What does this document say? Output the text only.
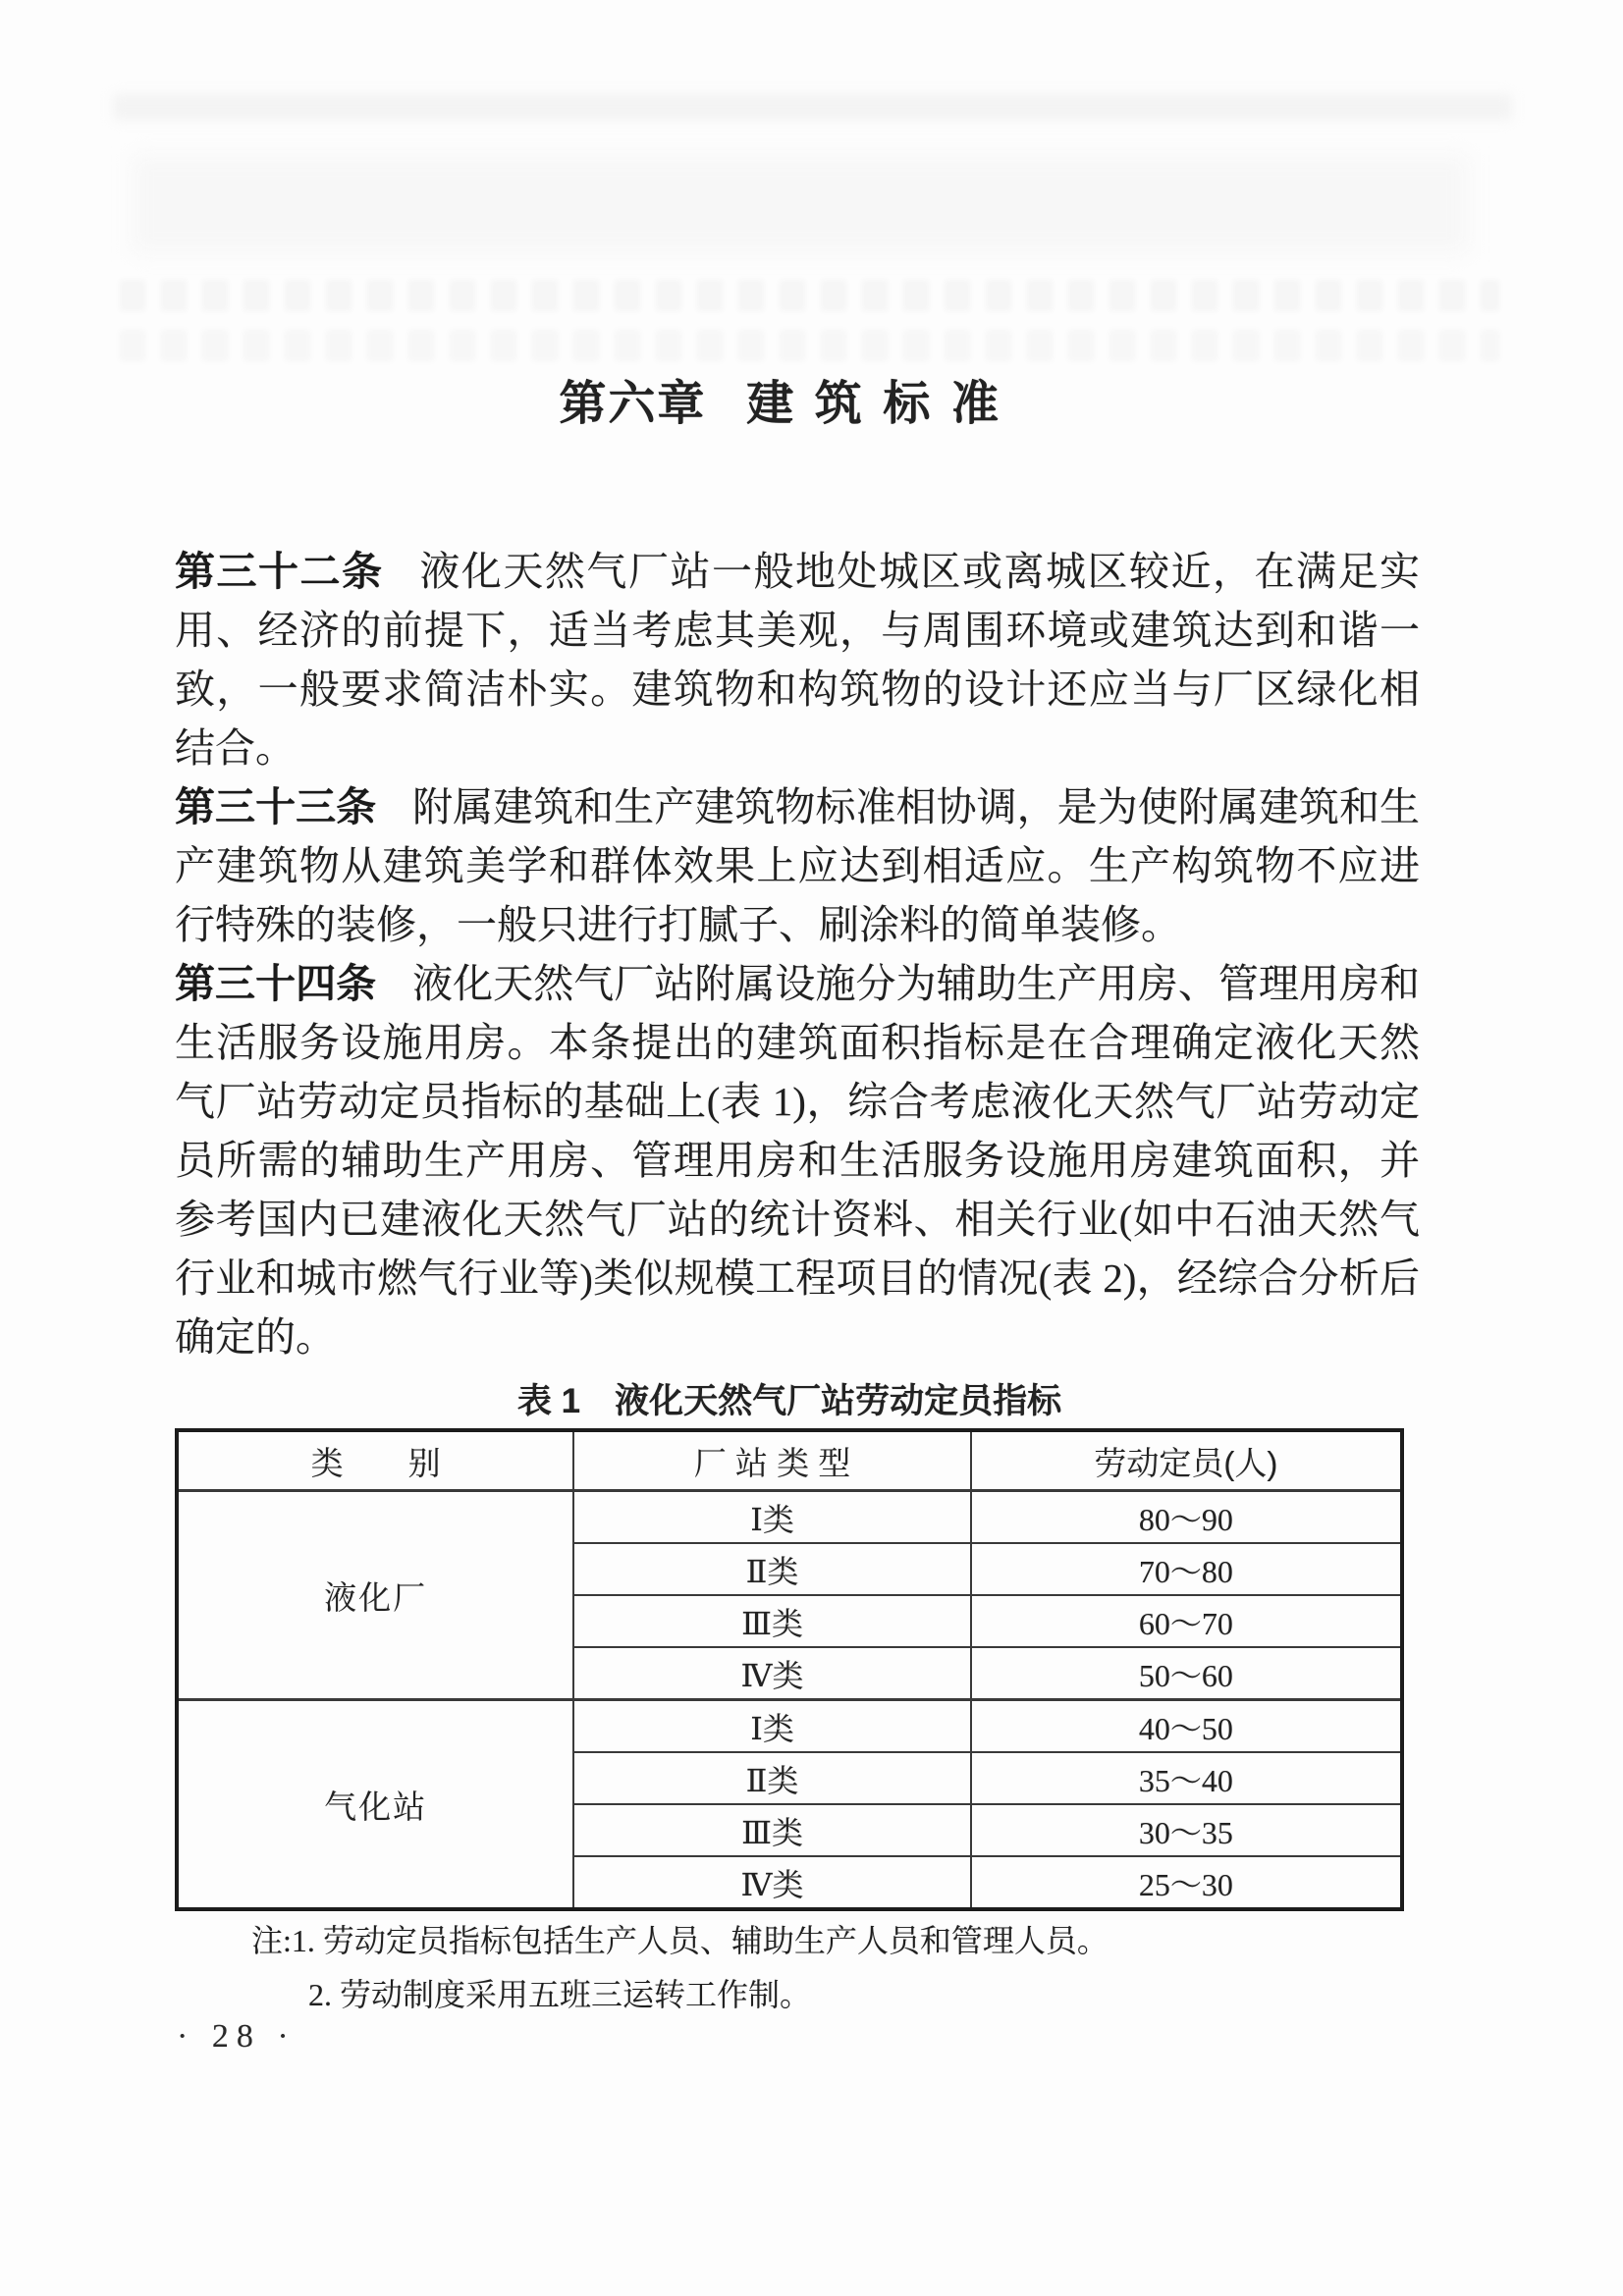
第六章 建筑标准

第三十二条 液化天然气厂站一般地处城区或离城区较近，在满足实用、经济的前提下，适当考虑其美观，与周围环境或建筑达到和谐一致，一般要求简洁朴实。建筑物和构筑物的设计还应当与厂区绿化相结合。

第三十三条 附属建筑和生产建筑物标准相协调，是为使附属建筑和生产建筑物从建筑美学和群体效果上应达到相适应。生产构筑物不应进行特殊的装修，一般只进行打腻子、刷涂料的简单装修。

第三十四条 液化天然气厂站附属设施分为辅助生产用房、管理用房和生活服务设施用房。本条提出的建筑面积指标是在合理确定液化天然气厂站劳动定员指标的基础上(表 1)，综合考虑液化天然气厂站劳动定员所需的辅助生产用房、管理用房和生活服务设施用房建筑面积，并参考国内已建液化天然气厂站的统计资料、相关行业(如中石油天然气行业和城市燃气行业等)类似规模工程项目的情况(表 2)，经综合分析后确定的。

表 1　液化天然气厂站劳动定员指标
类　　别	厂 站 类 型	劳动定员(人)
液化厂	Ⅰ类	80～90
	Ⅱ类	70～80
	Ⅲ类	60～70
	Ⅳ类	50～60
气化站	Ⅰ类	40～50
	Ⅱ类	35～40
	Ⅲ类	30～35
	Ⅳ类	25～30
注:1. 劳动定员指标包括生产人员、辅助生产人员和管理人员。
2. 劳动制度采用五班三运转工作制。
· 28 ·
